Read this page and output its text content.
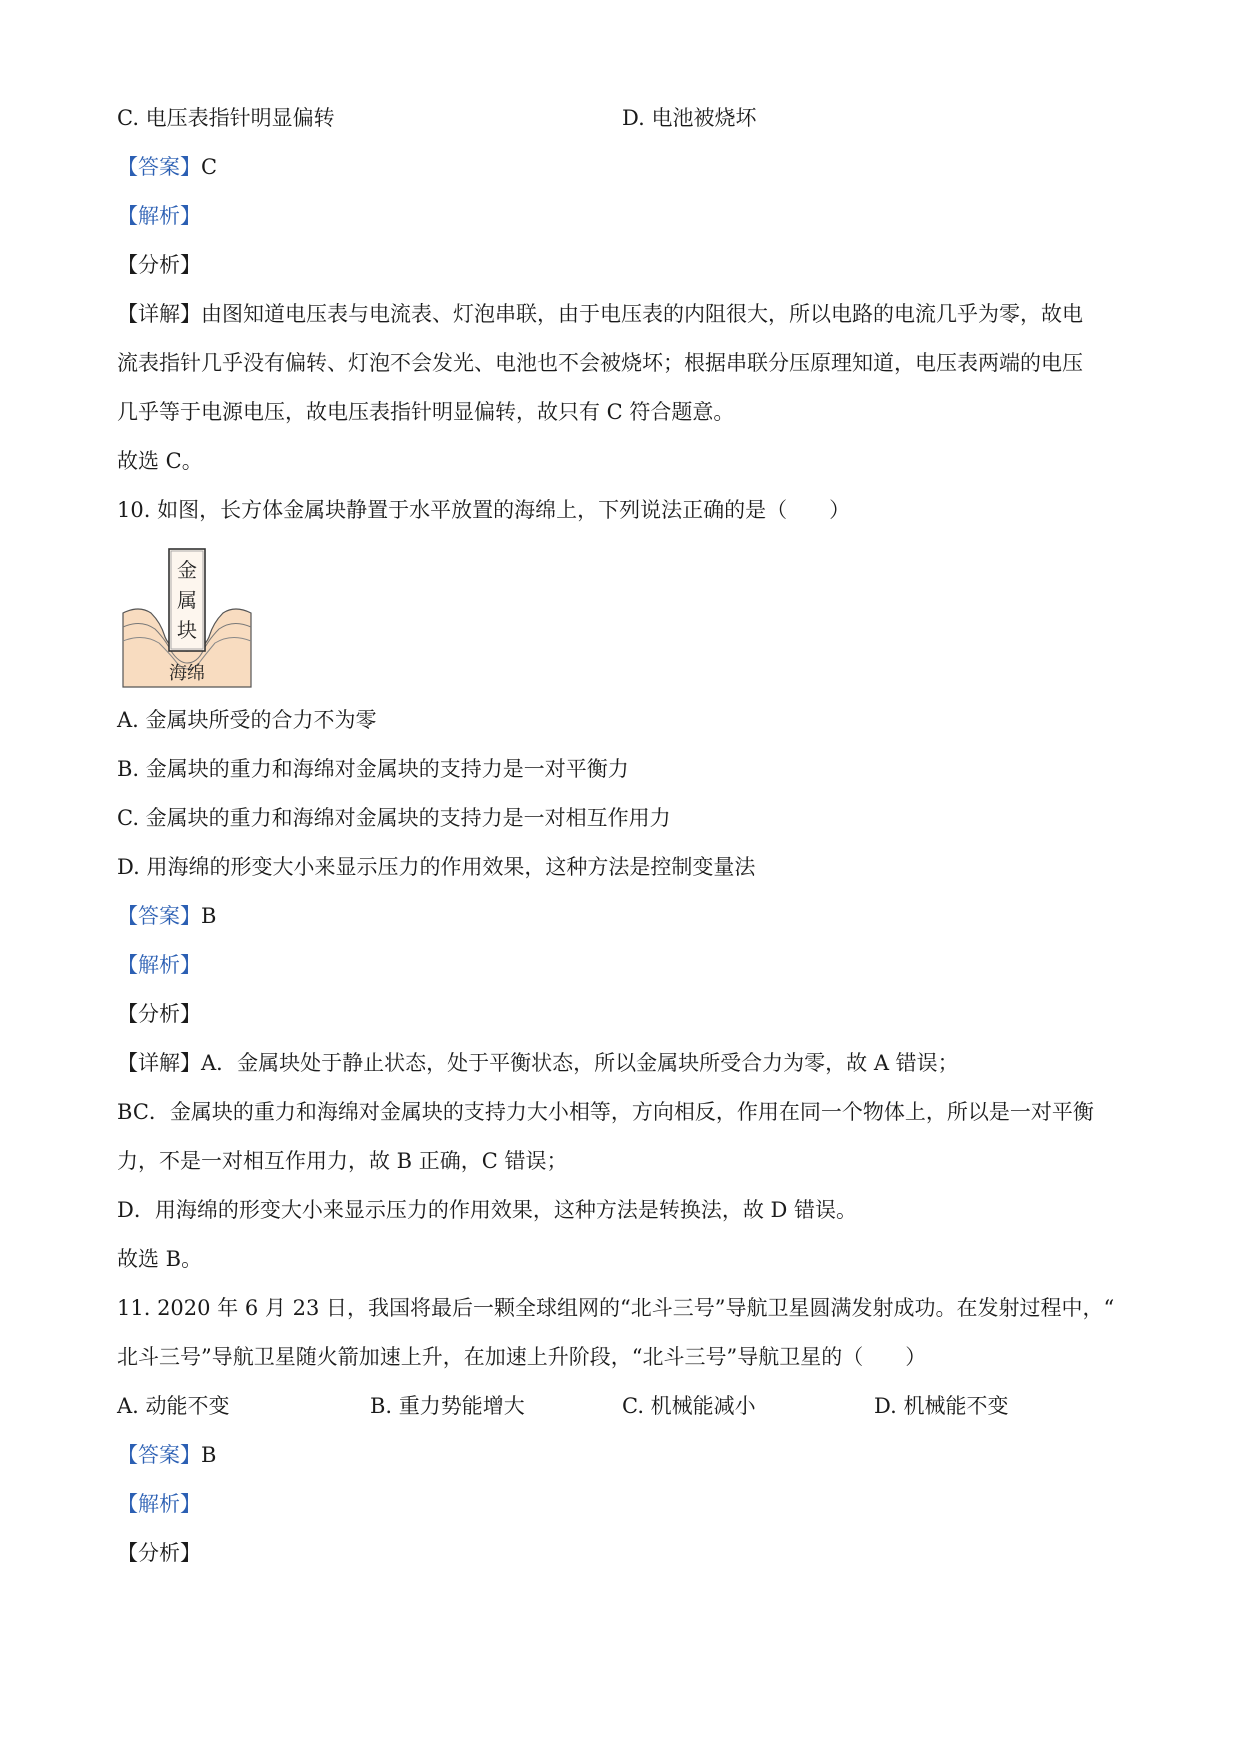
C. 电压表指针明显偏转	D. 电池被烧坏
【答案】C
【解析】
【分析】
【详解】由图知道电压表与电流表、灯泡串联，由于电压表的内阻很大，所以电路的电流几乎为零，故电
流表指针几乎没有偏转、灯泡不会发光、电池也不会被烧坏；根据串联分压原理知道，电压表两端的电压
几乎等于电源电压，故电压表指针明显偏转，故只有 C 符合题意。
故选 C。
10. 如图，长方体金属块静置于水平放置的海绵上，下列说法正确的是（　　）
金
属
块
海绵
A. 金属块所受的合力不为零
B. 金属块的重力和海绵对金属块的支持力是一对平衡力
C. 金属块的重力和海绵对金属块的支持力是一对相互作用力
D. 用海绵的形变大小来显示压力的作用效果，这种方法是控制变量法
【答案】B
【解析】
【分析】
【详解】A．金属块处于静止状态，处于平衡状态，所以金属块所受合力为零，故 A 错误；
BC．金属块的重力和海绵对金属块的支持力大小相等，方向相反，作用在同一个物体上，所以是一对平衡
力，不是一对相互作用力，故 B 正确，C 错误；
D．用海绵的形变大小来显示压力的作用效果，这种方法是转换法，故 D 错误。
故选 B。
11. 2020 年 6 月 23 日，我国将最后一颗全球组网的“北斗三号”导航卫星圆满发射成功。在发射过程中，“
北斗三号”导航卫星随火箭加速上升，在加速上升阶段，“北斗三号”导航卫星的（　　）
A. 动能不变	B. 重力势能增大	C. 机械能减小	D. 机械能不变
【答案】B
【解析】
【分析】
